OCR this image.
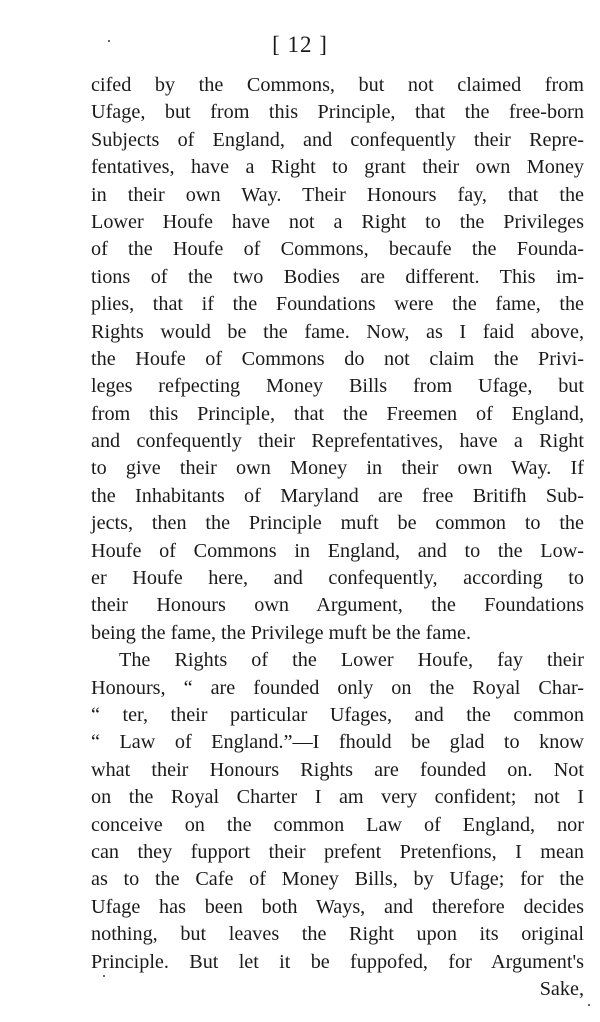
[ 12 ]
cifed by the Commons, but not claimed from
Ufage, but from this Principle, that the free-born
Subjects of England, and confequently their Repre-
fentatives, have a Right to grant their own Money
in their own Way. Their Honours fay, that the
Lower Houfe have not a Right to the Privileges
of the Houfe of Commons, becaufe the Founda-
tions of the two Bodies are different. This im-
plies, that if the Foundations were the fame, the
Rights would be the fame. Now, as I faid above,
the Houfe of Commons do not claim the Privi-
leges refpecting Money Bills from Ufage, but
from this Principle, that the Freemen of England,
and confequently their Reprefentatives, have a Right
to give their own Money in their own Way. If
the Inhabitants of Maryland are free Britifh Sub-
jects, then the Principle muft be common to the
Houfe of Commons in England, and to the Low-
er Houfe here, and confequently, according to
their Honours own Argument, the Foundations
being the fame, the Privilege muft be the fame.
The Rights of the Lower Houfe, fay their
Honours, “ are founded only on the Royal Char-
“ ter, their particular Ufages, and the common
“ Law of England.”—I fhould be glad to know
what their Honours Rights are founded on. Not
on the Royal Charter I am very confident; not I
conceive on the common Law of England, nor
can they fupport their prefent Pretenfions, I mean
as to the Cafe of Money Bills, by Ufage; for the
Ufage has been both Ways, and therefore decides
nothing, but leaves the Right upon its original
Principle. But let it be fuppofed, for Argument's
Sake,
